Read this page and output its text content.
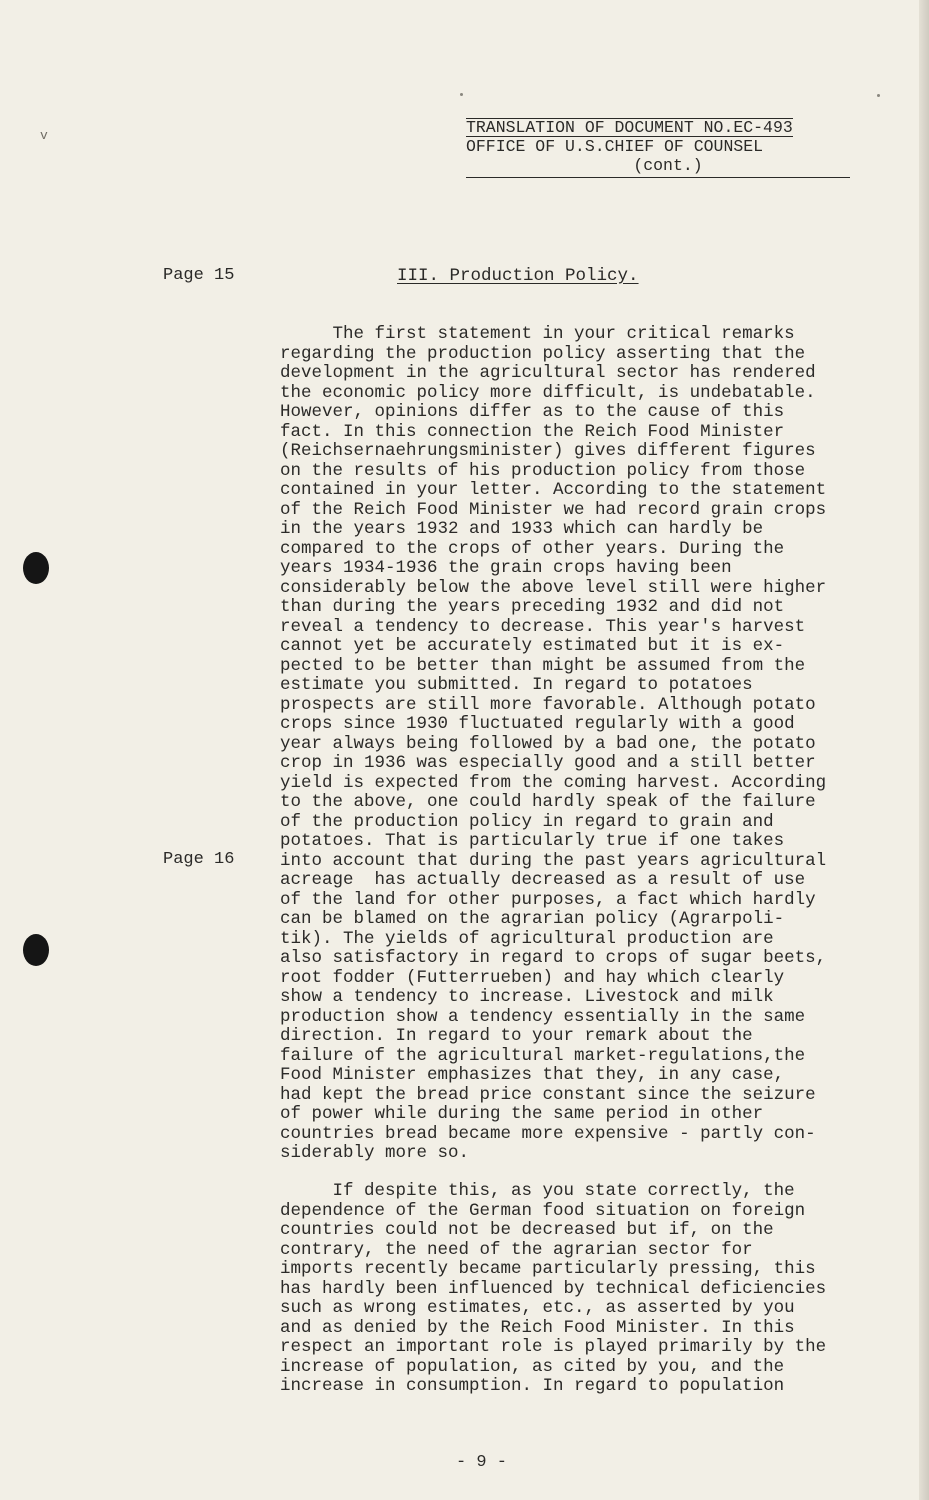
v	TRANSLATION OF DOCUMENT NO.EC-493
OFFICE OF U.S.CHIEF OF COUNSEL
(cont.)
Page 15	III. Production Policy.
The first statement in your critical remarks
regarding the production policy asserting that the
development in the agricultural sector has rendered
the economic policy more difficult, is undebatable.
However, opinions differ as to the cause of this
fact. In this connection the Reich Food Minister
(Reichsernaehrungsminister) gives different figures
on the results of his production policy from those
contained in your letter. According to the statement
of the Reich Food Minister we had record grain crops
in the years 1932 and 1933 which can hardly be
compared to the crops of other years. During the
years 1934-1936 the grain crops having been
considerably below the above level still were higher
than during the years preceding 1932 and did not
reveal a tendency to decrease. This year's harvest
cannot yet be accurately estimated but it is ex-
pected to be better than might be assumed from the
estimate you submitted. In regard to potatoes
prospects are still more favorable. Although potato
crops since 1930 fluctuated regularly with a good
year always being followed by a bad one, the potato
crop in 1936 was especially good and a still better
yield is expected from the coming harvest. According
to the above, one could hardly speak of the failure
of the production policy in regard to grain and
potatoes. That is particularly true if one takes
into account that during the past years agricultural
acreage  has actually decreased as a result of use
of the land for other purposes, a fact which hardly
can be blamed on the agrarian policy (Agrarpoli-
tik). The yields of agricultural production are
also satisfactory in regard to crops of sugar beets,
root fodder (Futterrueben) and hay which clearly
show a tendency to increase. Livestock and milk
production show a tendency essentially in the same
direction. In regard to your remark about the
failure of the agricultural market-regulations,the
Food Minister emphasizes that they, in any case,
had kept the bread price constant since the seizure
of power while during the same period in other
countries bread became more expensive - partly con-
siderably more so.
Page 16
If despite this, as you state correctly, the
dependence of the German food situation on foreign
countries could not be decreased but if, on the
contrary, the need of the agrarian sector for
imports recently became particularly pressing, this
has hardly been influenced by technical deficiencies
such as wrong estimates, etc., as asserted by you
and as denied by the Reich Food Minister. In this
respect an important role is played primarily by the
increase of population, as cited by you, and the
increase in consumption. In regard to population
- 9 -
